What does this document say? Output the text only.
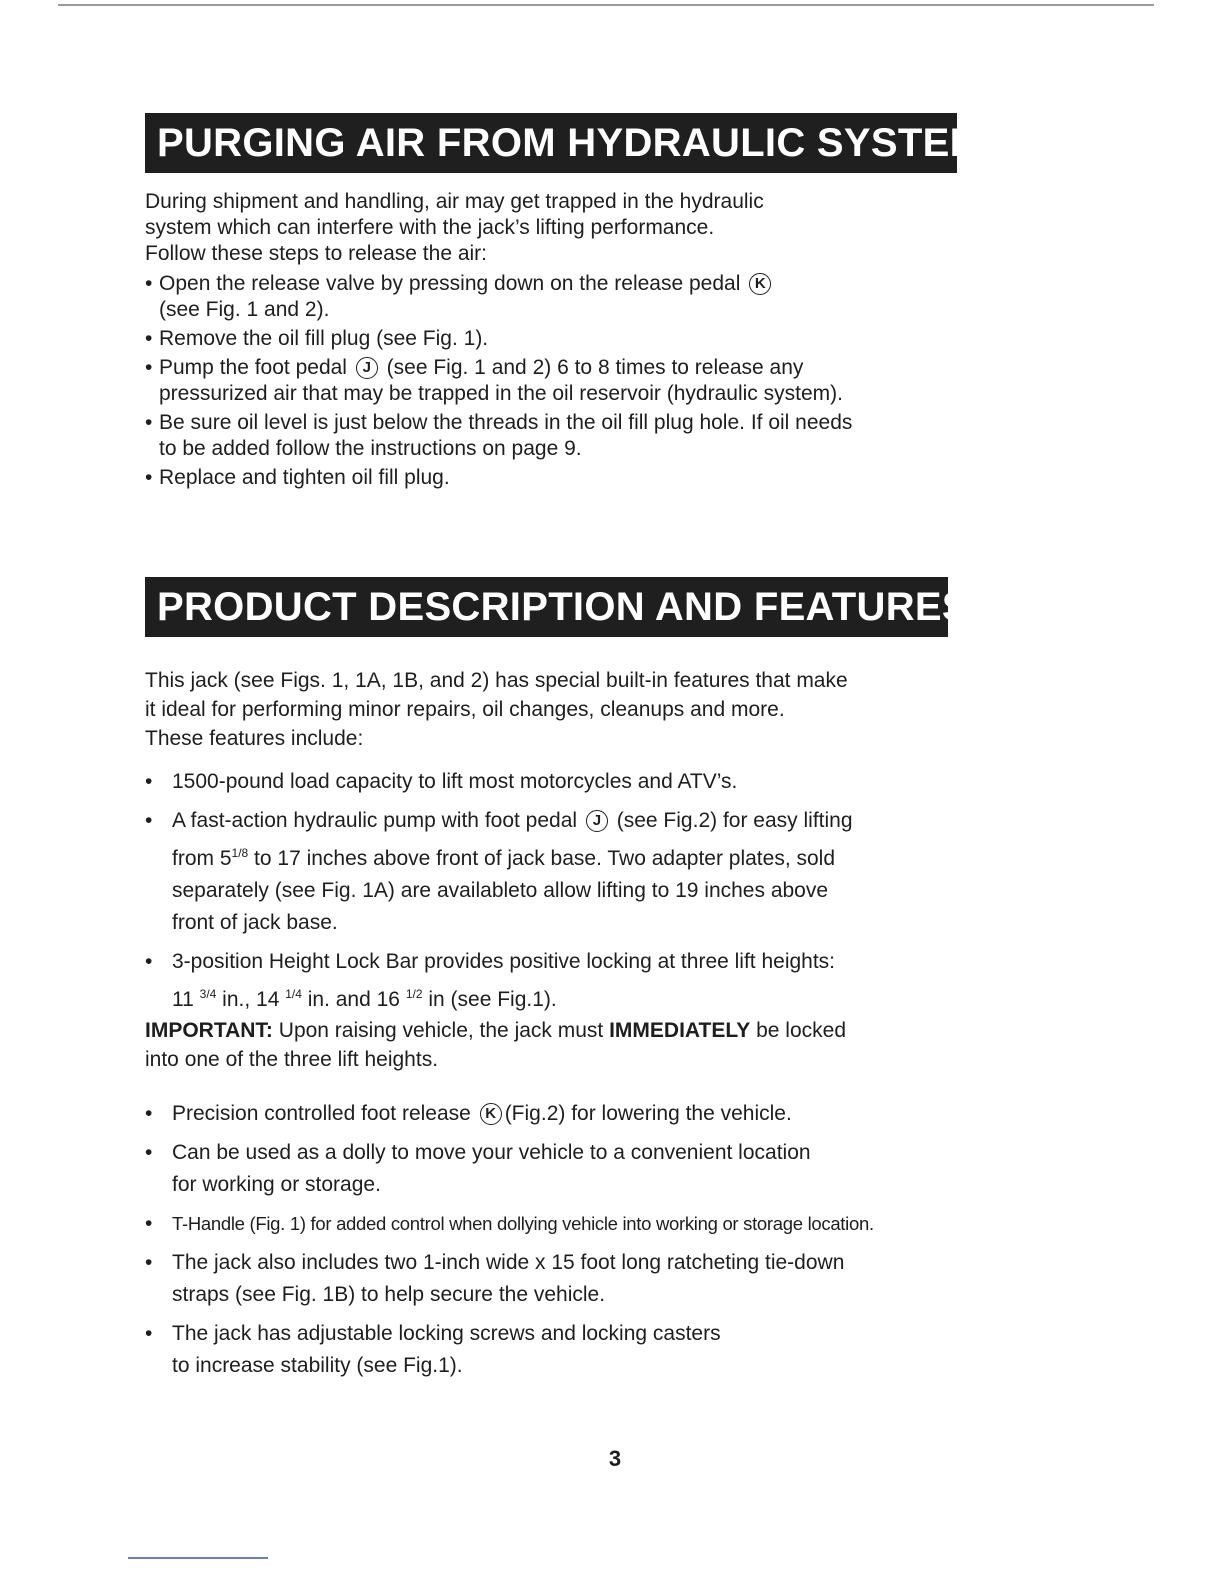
PURGING AIR FROM HYDRAULIC SYSTEM

During shipment and handling, air may get trapped in the hydraulic
system which can interfere with the jack’s lifting performance.
Follow these steps to release the air:

• Open the release valve by pressing down on the release pedal K
(see Fig. 1 and 2).
• Remove the oil fill plug (see Fig. 1).
• Pump the foot pedal J (see Fig. 1 and 2) 6 to 8 times to release any
pressurized air that may be trapped in the oil reservoir (hydraulic system).
• Be sure oil level is just below the threads in the oil fill plug hole. If oil needs
to be added follow the instructions on page 9.
• Replace and tighten oil fill plug.
PRODUCT DESCRIPTION AND FEATURES

This jack (see Figs. 1, 1A, 1B, and 2) has special built-in features that make
it ideal for performing minor repairs, oil changes, cleanups and more.
These features include:

• 1500-pound load capacity to lift most motorcycles and ATV’s.
• A fast-action hydraulic pump with foot pedal J (see Fig.2) for easy lifting
from $5^{1/8}$ to 17 inches above front of jack base. Two adapter plates, sold
separately (see Fig. 1A) are availableto allow lifting to 19 inches above
front of jack base.
• 3-position Height Lock Bar provides positive locking at three lift heights:
11 $^{3/4}$ in., 14 $^{1/4}$ in. and 16 $^{1/2}$ in (see Fig.1).

IMPORTANT: Upon raising vehicle, the jack must IMMEDIATELY be locked
into one of the three lift heights.

• Precision controlled foot release K (Fig.2) for lowering the vehicle.
• Can be used as a dolly to move your vehicle to a convenient location
for working or storage.
• T-Handle (Fig. 1) for added control when dollying vehicle into working or storage location.
• The jack also includes two 1-inch wide x 15 foot long ratcheting tie-down
straps (see Fig. 1B) to help secure the vehicle.
• The jack has adjustable locking screws and locking casters
to increase stability (see Fig.1).
3
